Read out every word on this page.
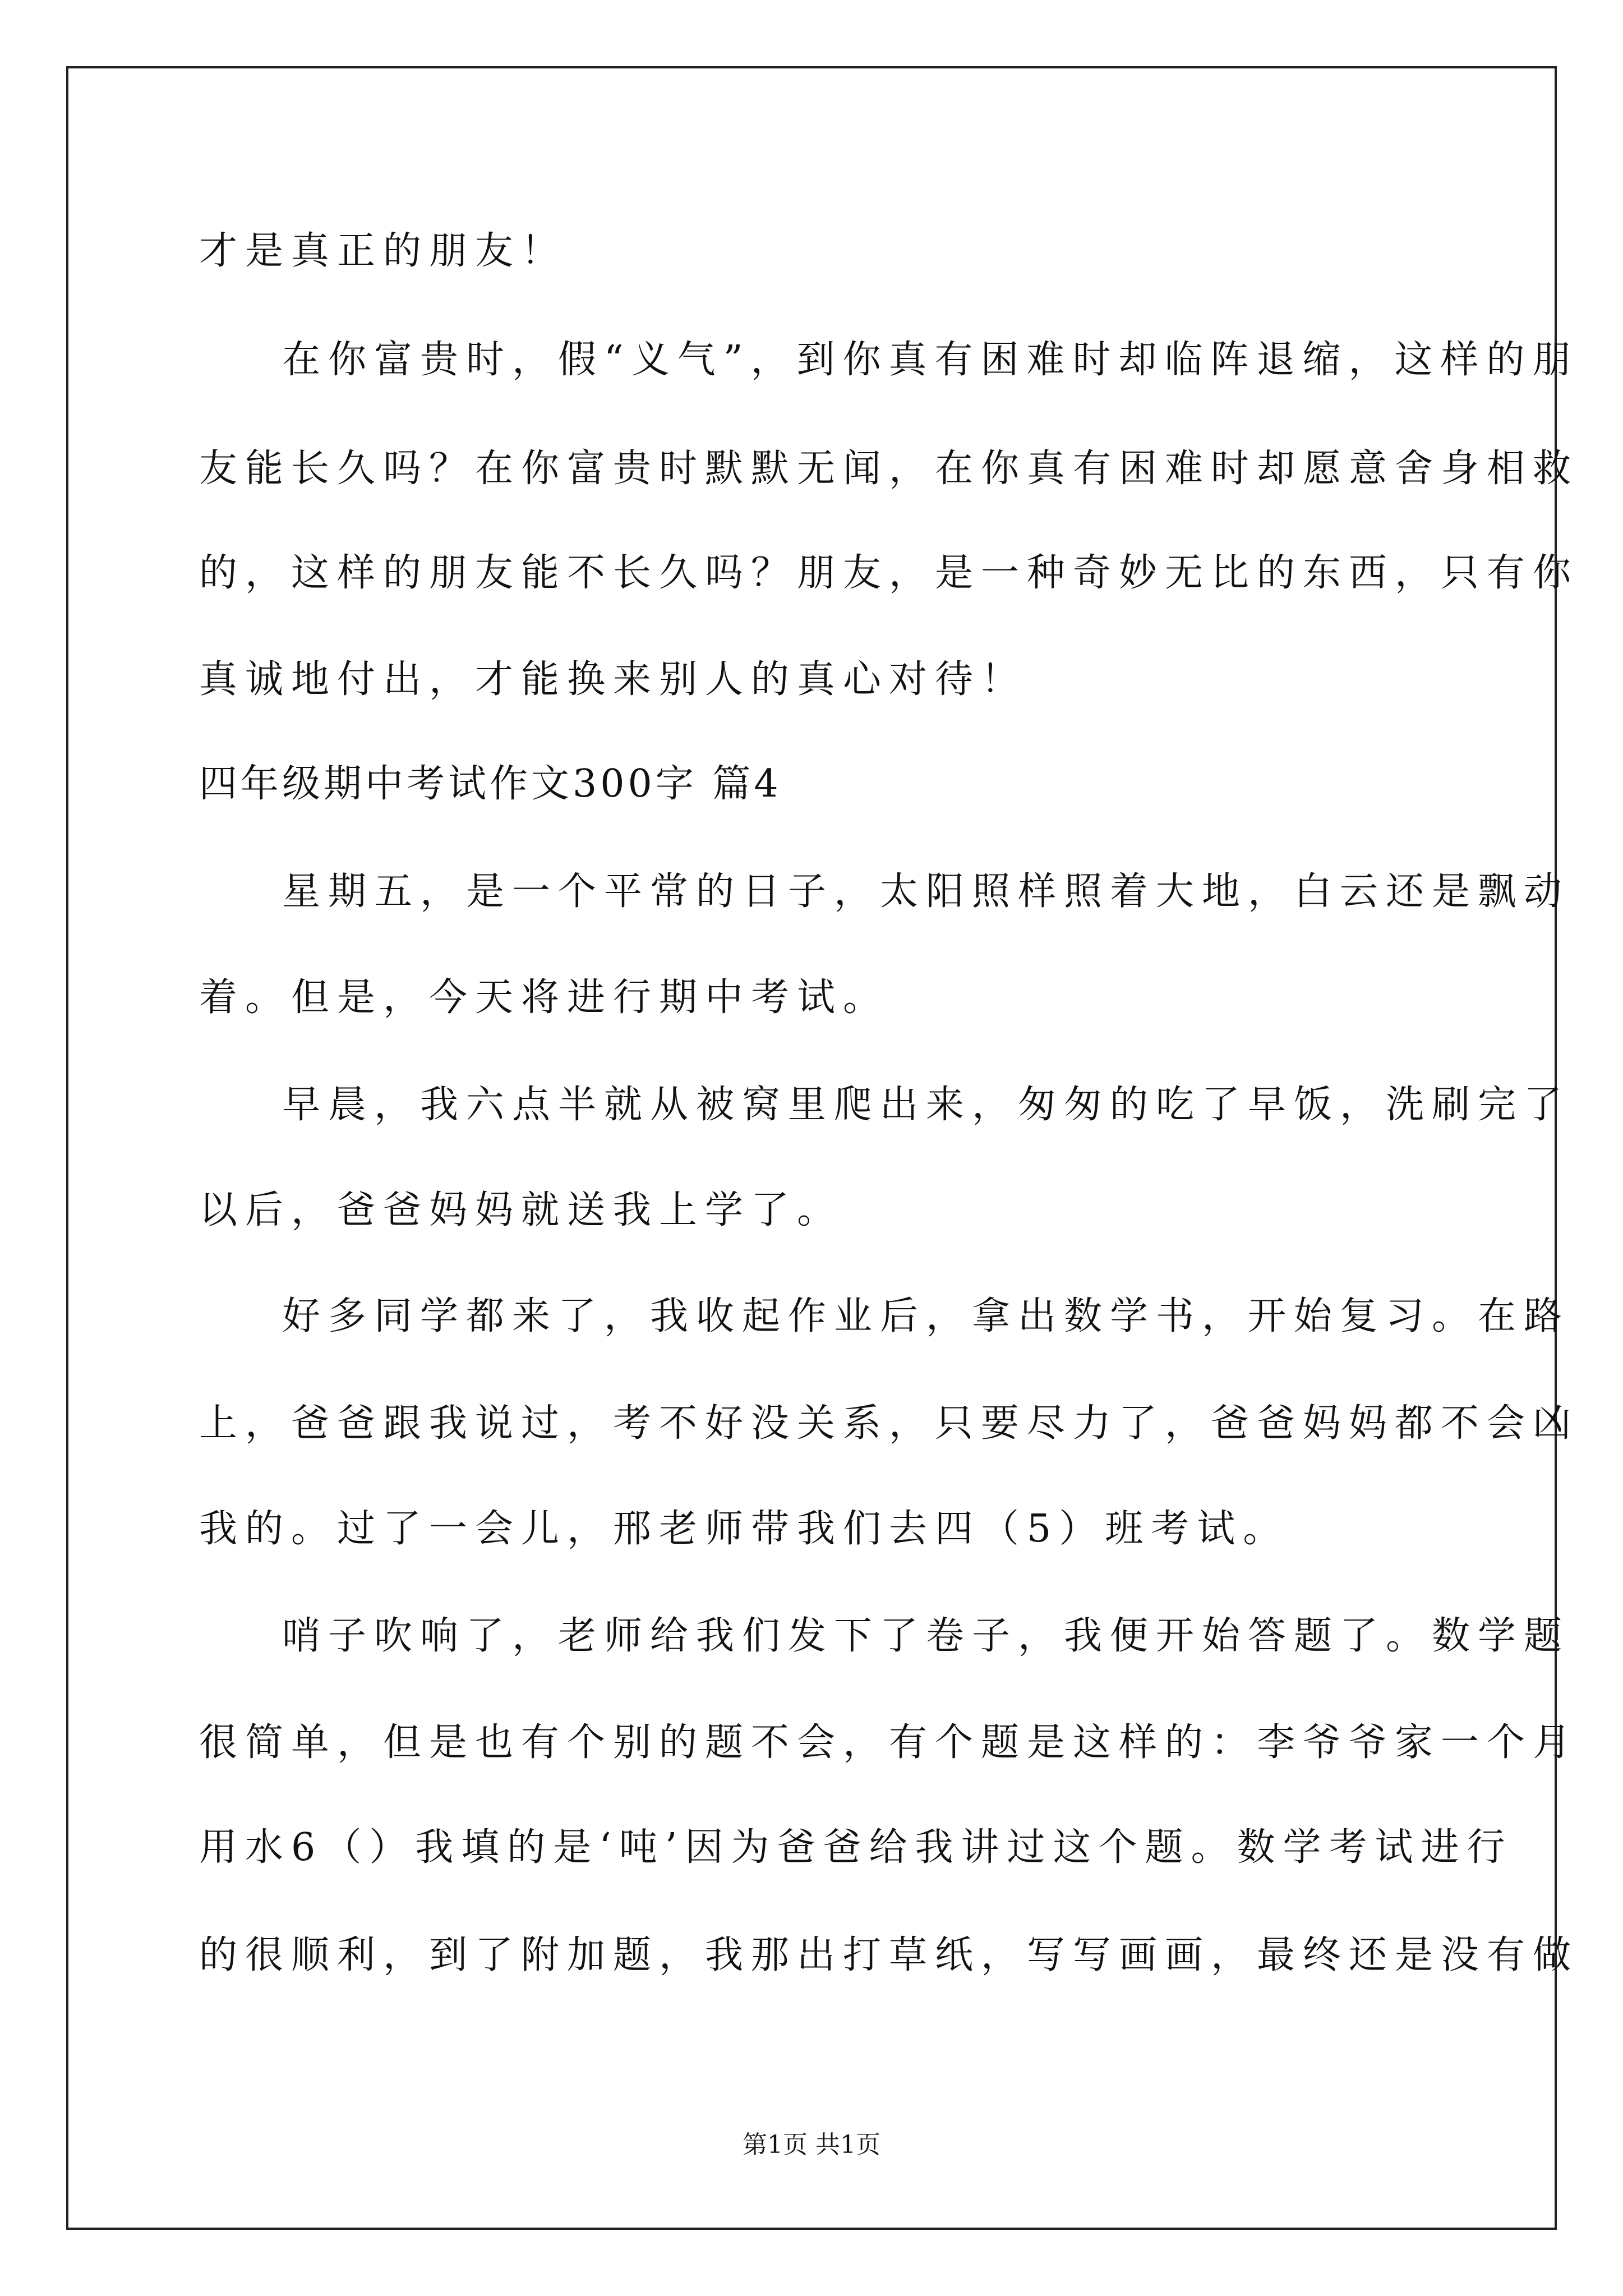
才是真正的朋友！
在你富贵时，假“义气”，到你真有困难时却临阵退缩，这样的朋
友能长久吗？在你富贵时默默无闻，在你真有困难时却愿意舍身相救
的，这样的朋友能不长久吗？朋友，是一种奇妙无比的东西，只有你
真诚地付出，才能换来别人的真心对待！
四年级期中考试作文300字 篇4
星期五，是一个平常的日子，太阳照样照着大地，白云还是飘动
着。但是，今天将进行期中考试。
早晨，我六点半就从被窝里爬出来，匆匆的吃了早饭，洗刷完了
以后，爸爸妈妈就送我上学了。
好多同学都来了，我收起作业后，拿出数学书，开始复习。在路
上，爸爸跟我说过，考不好没关系，只要尽力了，爸爸妈妈都不会凶
我的。过了一会儿，邢老师带我们去四（5）班考试。
哨子吹响了，老师给我们发下了卷子，我便开始答题了。数学题
很简单，但是也有个别的题不会，有个题是这样的：李爷爷家一个月
用水6（）我填的是‘吨’因为爸爸给我讲过这个题。数学考试进行
的很顺利，到了附加题，我那出打草纸，写写画画，最终还是没有做
第1页 共1页
